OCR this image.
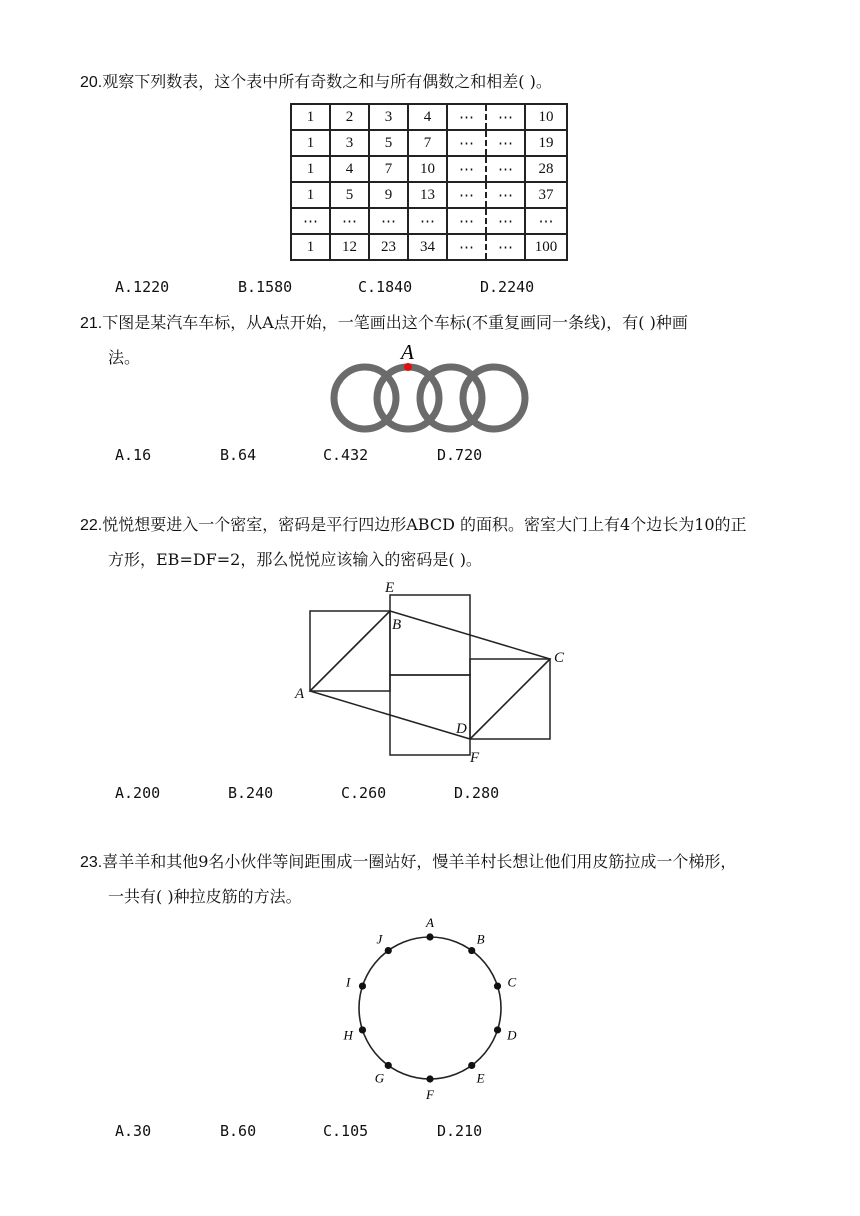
20.观察下列数表，这个表中所有奇数之和与所有偶数之和相差( )。
1	2	3	4	⋯	⋯	10
1	3	5	7	⋯	⋯	19
1	4	7	10	⋯	⋯	28
1	5	9	13	⋯	⋯	37
⋯	⋯	⋯	⋯	⋯	⋯	⋯
1	12	23	34	⋯	⋯	100
A.1220	B.1580	C.1840	D.2240
21.下图是某汽车车标，从A点开始，一笔画出这个车标(不重复画同一条线)，有( )种画
法。	A
A.16	B.64	C.432	D.720
22.悦悦想要进入一个密室，密码是平行四边形ABCD 的面积。密室大门上有4个边长为10的正
方形，EB=DF=2，那么悦悦应该输入的密码是( )。
E
B
C
A
D
F
A.200	B.240	C.260	D.280
23.喜羊羊和其他9名小伙伴等间距围成一圈站好，慢羊羊村长想让他们用皮筋拉成一个梯形，
一共有( )种拉皮筋的方法。
A
B
C
D
E
F
G
H
I
J
A.30	B.60	C.105	D.210
